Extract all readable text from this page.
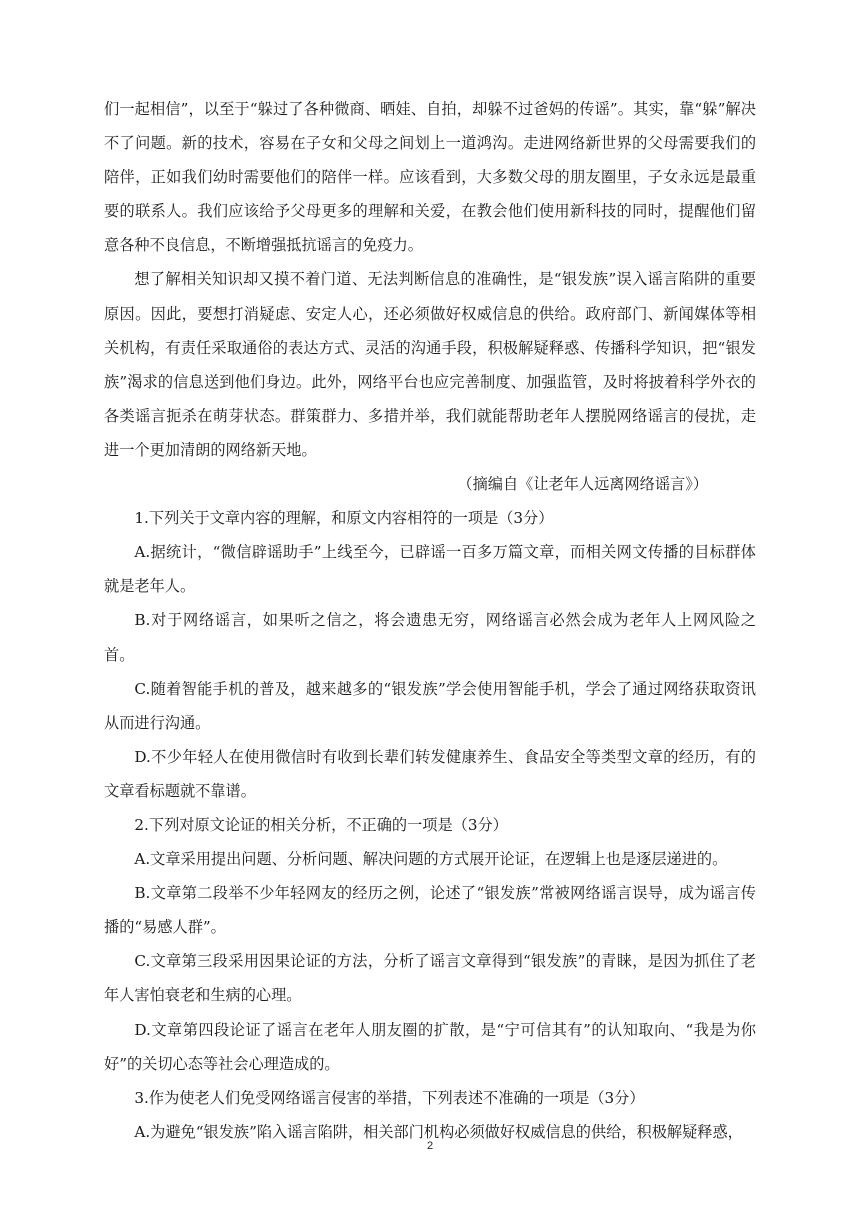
们一起相信”，以至于“躲过了各种微商、晒娃、自拍，却躲不过爸妈的传谣”。其实，靠“躲”解决不了问题。新的技术，容易在子女和父母之间划上一道鸿沟。走进网络新世界的父母需要我们的陪伴，正如我们幼时需要他们的陪伴一样。应该看到，大多数父母的朋友圈里，子女永远是最重要的联系人。我们应该给予父母更多的理解和关爱，在教会他们使用新科技的同时，提醒他们留意各种不良信息，不断增强抵抗谣言的免疫力。

想了解相关知识却又摸不着门道、无法判断信息的准确性，是“银发族”误入谣言陷阱的重要原因。因此，要想打消疑虑、安定人心，还必须做好权威信息的供给。政府部门、新闻媒体等相关机构，有责任采取通俗的表达方式、灵活的沟通手段，积极解疑释惑、传播科学知识，把“银发族”渴求的信息送到他们身边。此外，网络平台也应完善制度、加强监管，及时将披着科学外衣的各类谣言扼杀在萌芽状态。群策群力、多措并举，我们就能帮助老年人摆脱网络谣言的侵扰，走进一个更加清朗的网络新天地。

（摘编自《让老年人远离网络谣言》）

1.下列关于文章内容的理解，和原文内容相符的一项是（3分）

A.据统计，“微信辟谣助手”上线至今，已辟谣一百多万篇文章，而相关网文传播的目标群体就是老年人。

B.对于网络谣言，如果听之信之，将会遗患无穷，网络谣言必然会成为老年人上网风险之首。

C.随着智能手机的普及，越来越多的“银发族”学会使用智能手机，学会了通过网络获取资讯从而进行沟通。

D.不少年轻人在使用微信时有收到长辈们转发健康养生、食品安全等类型文章的经历，有的文章看标题就不靠谱。

2.下列对原文论证的相关分析，不正确的一项是（3分）

A.文章采用提出问题、分析问题、解决问题的方式展开论证，在逻辑上也是逐层递进的。

B.文章第二段举不少年轻网友的经历之例，论述了“银发族”常被网络谣言误导，成为谣言传播的“易感人群”。

C.文章第三段采用因果论证的方法，分析了谣言文章得到“银发族”的青睐，是因为抓住了老年人害怕衰老和生病的心理。

D.文章第四段论证了谣言在老年人朋友圈的扩散，是“宁可信其有”的认知取向、“我是为你好”的关切心态等社会心理造成的。

3.作为使老人们免受网络谣言侵害的举措，下列表述不准确的一项是（3分）

A.为避免“银发族”陷入谣言陷阱，相关部门机构必须做好权威信息的供给，积极解疑释惑，

2
